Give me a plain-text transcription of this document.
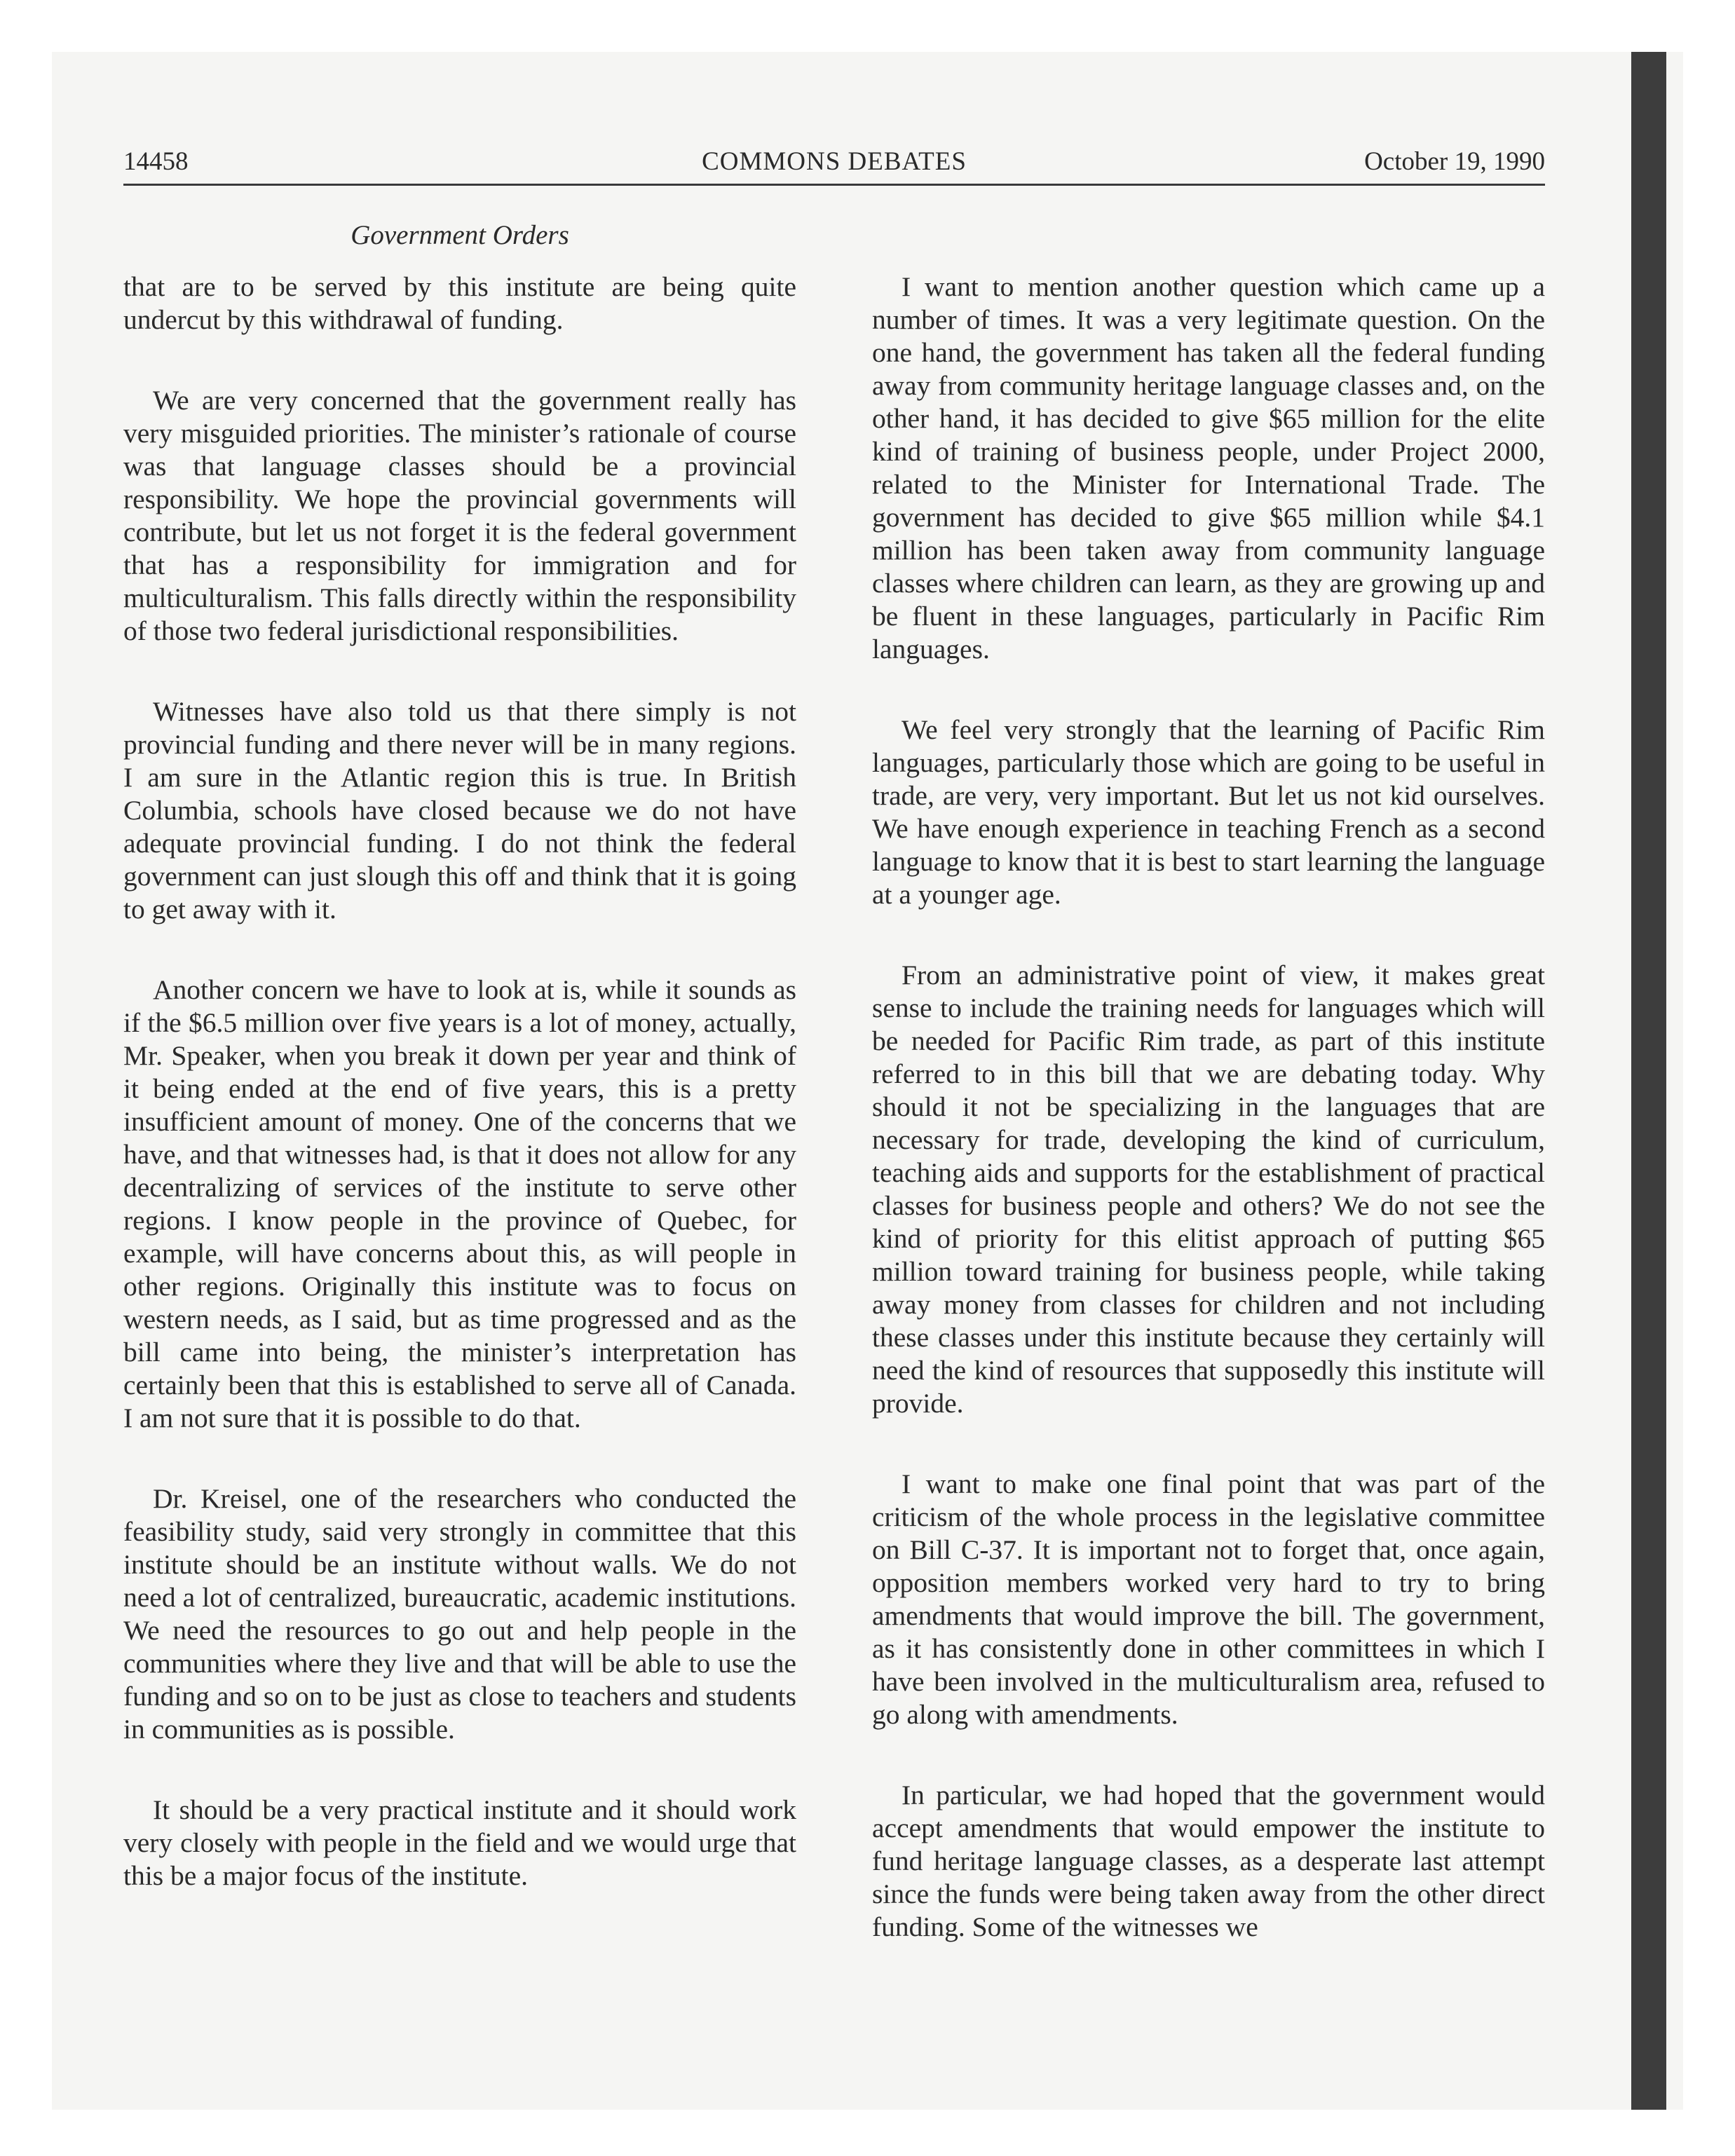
14458	COMMONS DEBATES	October 19, 1990
Government Orders

that are to be served by this institute are being quite undercut by this withdrawal of funding.

We are very concerned that the government really has very misguided priorities. The minister’s rationale of course was that language classes should be a provincial responsibility. We hope the provincial governments will contribute, but let us not forget it is the federal government that has a responsibility for immigration and for multiculturalism. This falls directly within the responsibility of those two federal jurisdictional responsibilities.

Witnesses have also told us that there simply is not provincial funding and there never will be in many regions. I am sure in the Atlantic region this is true. In British Columbia, schools have closed because we do not have adequate provincial funding. I do not think the federal government can just slough this off and think that it is going to get away with it.

Another concern we have to look at is, while it sounds as if the $6.5 million over five years is a lot of money, actually, Mr. Speaker, when you break it down per year and think of it being ended at the end of five years, this is a pretty insufficient amount of money. One of the concerns that we have, and that witnesses had, is that it does not allow for any decentralizing of services of the institute to serve other regions. I know people in the province of Quebec, for example, will have concerns about this, as will people in other regions. Originally this institute was to focus on western needs, as I said, but as time progressed and as the bill came into being, the minister’s interpretation has certainly been that this is established to serve all of Canada. I am not sure that it is possible to do that.

Dr. Kreisel, one of the researchers who conducted the feasibility study, said very strongly in committee that this institute should be an institute without walls. We do not need a lot of centralized, bureaucratic, academic institutions. We need the resources to go out and help people in the communities where they live and that will be able to use the funding and so on to be just as close to teachers and students in communities as is possible.

It should be a very practical institute and it should work very closely with people in the field and we would urge that this be a major focus of the institute.

I want to mention another question which came up a number of times. It was a very legitimate question. On the one hand, the government has taken all the federal funding away from community heritage language classes and, on the other hand, it has decided to give $65 million for the elite kind of training of business people, under Project 2000, related to the Minister for International Trade. The government has decided to give $65 million while $4.1 million has been taken away from community language classes where children can learn, as they are growing up and be fluent in these languages, particularly in Pacific Rim languages.

We feel very strongly that the learning of Pacific Rim languages, particularly those which are going to be useful in trade, are very, very important. But let us not kid ourselves. We have enough experience in teaching French as a second language to know that it is best to start learning the language at a younger age.

From an administrative point of view, it makes great sense to include the training needs for languages which will be needed for Pacific Rim trade, as part of this institute referred to in this bill that we are debating today. Why should it not be specializing in the languages that are necessary for trade, developing the kind of curriculum, teaching aids and supports for the establishment of practical classes for business people and others? We do not see the kind of priority for this elitist approach of putting $65 million toward training for business people, while taking away money from classes for children and not including these classes under this institute because they certainly will need the kind of resources that supposedly this institute will provide.

I want to make one final point that was part of the criticism of the whole process in the legislative committee on Bill C-37. It is important not to forget that, once again, opposition members worked very hard to try to bring amendments that would improve the bill. The government, as it has consistently done in other committees in which I have been involved in the multiculturalism area, refused to go along with amendments.

In particular, we had hoped that the government would accept amendments that would empower the institute to fund heritage language classes, as a desperate last attempt since the funds were being taken away from the other direct funding. Some of the witnesses we
